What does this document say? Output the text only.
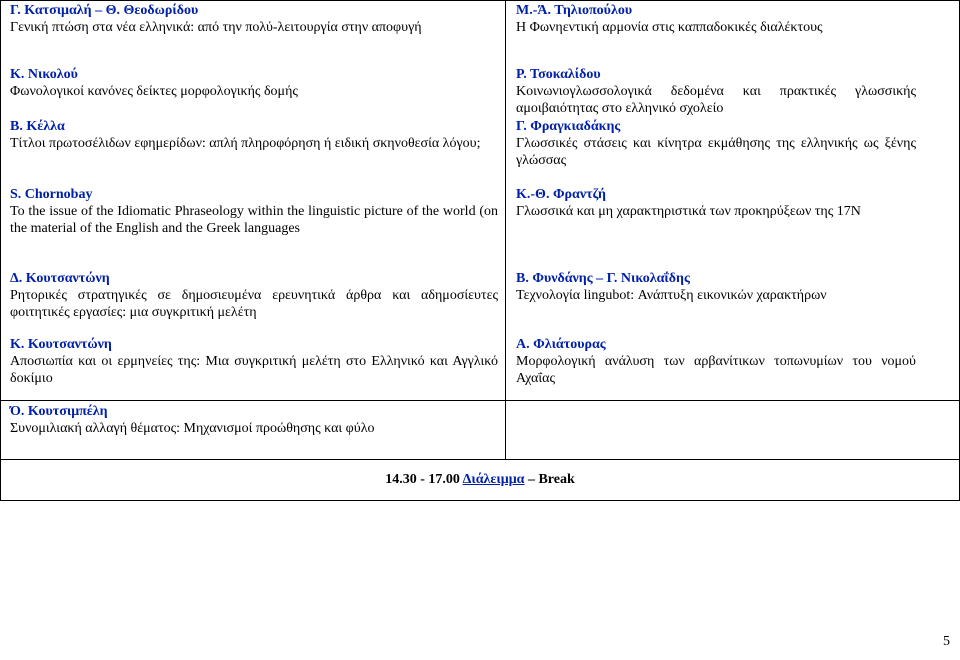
Γ. Κατσιμαλή – Θ. Θεοδωρίδου
Γενική πτώση στα νέα ελληνικά: από την πολύ-λειτουργία στην αποφυγή
Κ. Νικολού
Φωνολογικοί κανόνες δείκτες μορφολογικής δομής
Β. Κέλλα
Τίτλοι πρωτοσέλιδων εφημερίδων: απλή πληροφόρηση ή ειδική σκηνοθεσία λόγου;
S. Chornobay
To the issue of the Idiomatic Phraseology within the linguistic picture of the world (on the material of the English and the Greek languages
Δ. Κουτσαντώνη
Ρητορικές στρατηγικές σε δημοσιευμένα ερευνητικά άρθρα και αδημοσίευτες φοιτητικές εργασίες: μια συγκριτική μελέτη
Κ. Κουτσαντώνη
Αποσιωπία και οι ερμηνείες της: Μια συγκριτική μελέτη στο Ελληνικό και Αγγλικό δοκίμιο
Ό. Κουτσιμπέλη
Συνομιλιακή αλλαγή θέματος: Μηχανισμοί προώθησης και φύλο
Μ.-Ά. Τηλιοπούλου
Η Φωνηεντική αρμονία στις καππαδοκικές διαλέκτους
Ρ. Τσοκαλίδου
Κοινωνιογλωσσολογικά δεδομένα και πρακτικές γλωσσικής αμοιβαιότητας στο ελληνικό σχολείο
Γ. Φραγκιαδάκης
Γλωσσικές στάσεις και κίνητρα εκμάθησης της ελληνικής ως ξένης γλώσσας
Κ.-Θ. Φραντζή
Γλωσσικά και μη χαρακτηριστικά των προκηρύξεων της 17Ν
Β. Φυνδάνης – Γ. Νικολαΐδης
Τεχνολογία lingubot: Ανάπτυξη εικονικών χαρακτήρων
Α. Φλιάτουρας
Μορφολογική ανάλυση των αρβανίτικων τοπωνυμίων του νομού Αχαΐας
14.30 - 17.00 Διάλειμμα – Break
5
